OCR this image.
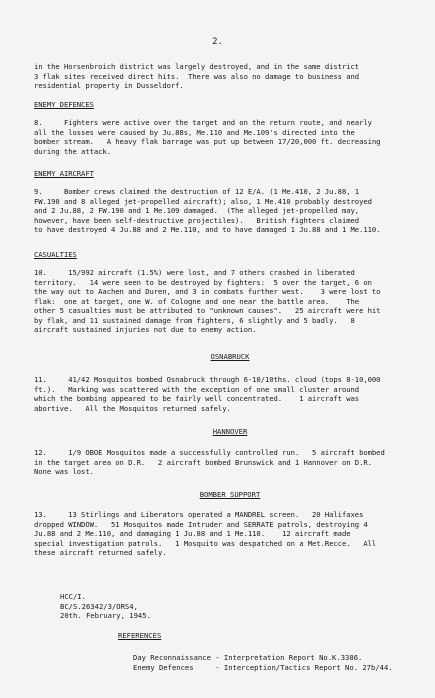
2.
in the Horsenbroich district was largely destroyed, and in the same district
3 flak sites received direct hits.  There was also no damage to business and
residential property in Dusseldorf.
ENEMY DEFENCES
8.     Fighters were active over the target and on the return route, and nearly
all the losses were caused by Ju.88s, Me.110 and Me.109's directed into the
bomber stream.   A heavy flak barrage was put up between 17/20,000 ft. decreasing
during the attack.
ENEMY AIRCRAFT
9.     Bomber crews claimed the destruction of 12 E/A. (1 Me.410, 2 Ju.88, 1
FW.190 and 8 alleged jet-propelled aircraft); also, 1 Me.410 probably destroyed
and 2 Ju.88, 2 FW.190 and 1 Me.109 damaged.  (The alleged jet-propelled may,
however, have been self-destructive projectiles).   British fighters claimed
to have destroyed 4 Ju.88 and 2 Me.110, and to have damaged 1 Ju.88 and 1 Me.110.
CASUALTIES
10.     15/992 aircraft (1.5%) were lost, and 7 others crashed in liberated
territory.   14 were seen to be destroyed by fighters:  5 over the target, 6 on
the way out to Aachen and Duren, and 3 in combats further west.    3 were lost to
flak:  one at target, one W. of Cologne and one near the battle area.    The
other 5 casualties must be attributed to "unknown causes".   25 aircraft were hit
by flak, and 11 sustained damage from fighters, 6 slightly and 5 badly.   8
aircraft sustained injuries not due to enemy action.
OSNABRUCK
11.     41/42 Mosquitos bombed Osnabruck through 6-10/10ths. cloud (tops 8-10,000
ft.).   Marking was scattered with the exception of one small cluster around
which the bombing appeared to be fairly well concentrated.    1 aircraft was
abortive.   All the Mosquitos returned safely.
HANNOVER
12.     1/9 OBOE Mosquitos made a successfully controlled run.   5 aircraft bombed
in the target area on D.R.   2 aircraft bombed Brunswick and 1 Hannover on D.R.
None was lost.
BOMBER SUPPORT
13.     13 Stirlings and Liberators operated a MANDREL screen.   20 Halifaxes
dropped WINDOW.   51 Mosquitos made Intruder and SERRATE patrols, destroying 4
Ju.88 and 2 Me.110, and damaging 1 Ju.88 and 1 Me.110.    12 aircraft made
special investigation patrols.   1 Mosquito was despatched on a Met.Recce.   All
these aircraft returned safely.
HCC/I.
BC/S.26342/3/ORS4,
20th. February, 1945.
REFERENCES
Day Reconnaissance - Interpretation Report No.K.3386.
Enemy Defences     - Interception/Tactics Report No. 27b/44.
